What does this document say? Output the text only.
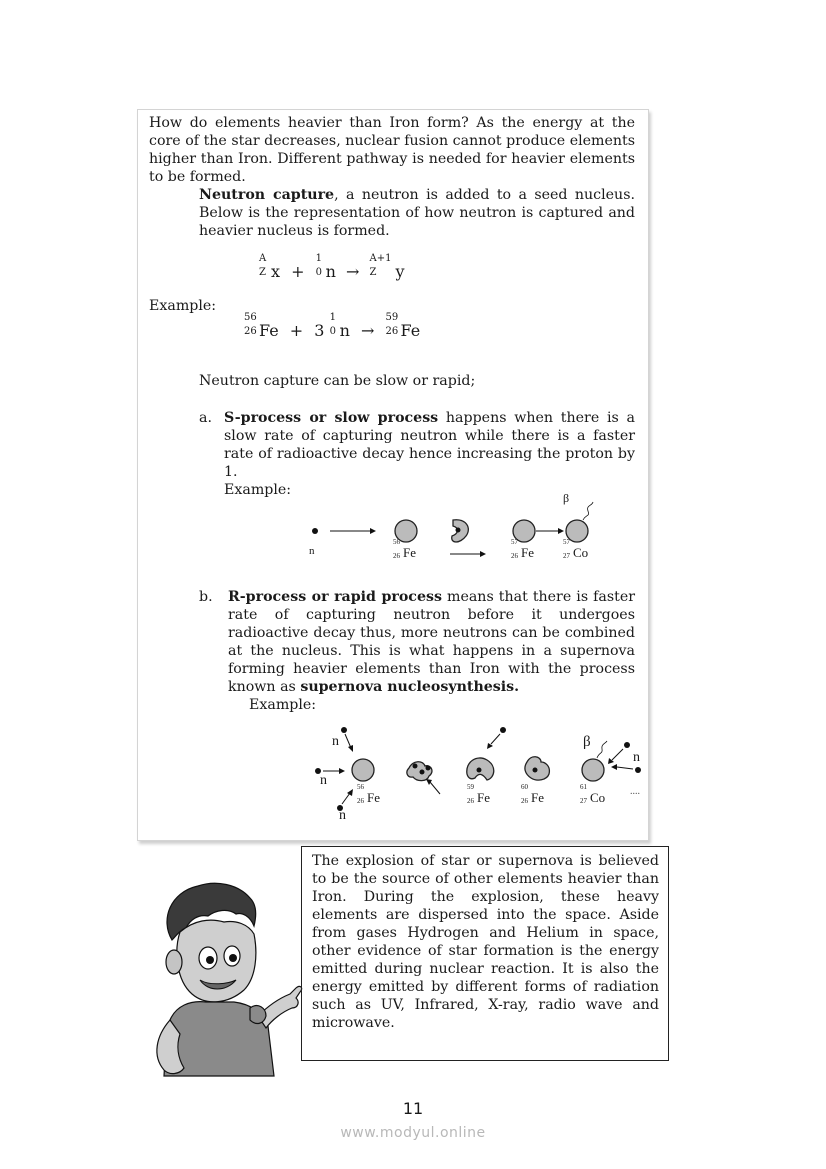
How do elements heavier than Iron form? As the energy at the core of the star decreases, nuclear fusion cannot produce elements higher than Iron. Different pathway is needed for heavier elements to be formed.

Neutron capture, a neutron is added to a seed nucleus. Below is the representation of how neutron is captured and heavier nucleus is formed.

A
Z x +
1
0 n →
A+1
Z y
Example:
56
26 Fe + 3
1
0 n →
59
26 Fe
Neutron capture can be slow or rapid;
a. S-process or slow process happens when there is a slow rate of capturing neutron while there is a faster rate of radioactive decay hence increasing the proton by 1.

Example:

n
β
56
26 Fe
57
26 Fe
57
27 Co
b. R-process or rapid process means that there is faster rate of capturing neutron before it undergoes radioactive decay thus, more neutrons can be combined at the nucleus. This is what happens in a supernova forming heavier elements than Iron with the process known as supernova nucleosynthesis.

Example:
n
n
n
n
β
....
56
26 Fe
59
26 Fe
60
26 Fe
61
27 Co

The explosion of star or supernova is believed to be the source of other elements heavier than Iron. During the explosion, these heavy elements are dispersed into the space. Aside from gases Hydrogen and Helium in space, other evidence of star formation is the energy emitted during nuclear reaction. It is also the energy emitted by different forms of radiation such as UV, Infrared, X-ray, radio wave and microwave.

11
www.modyul.online
